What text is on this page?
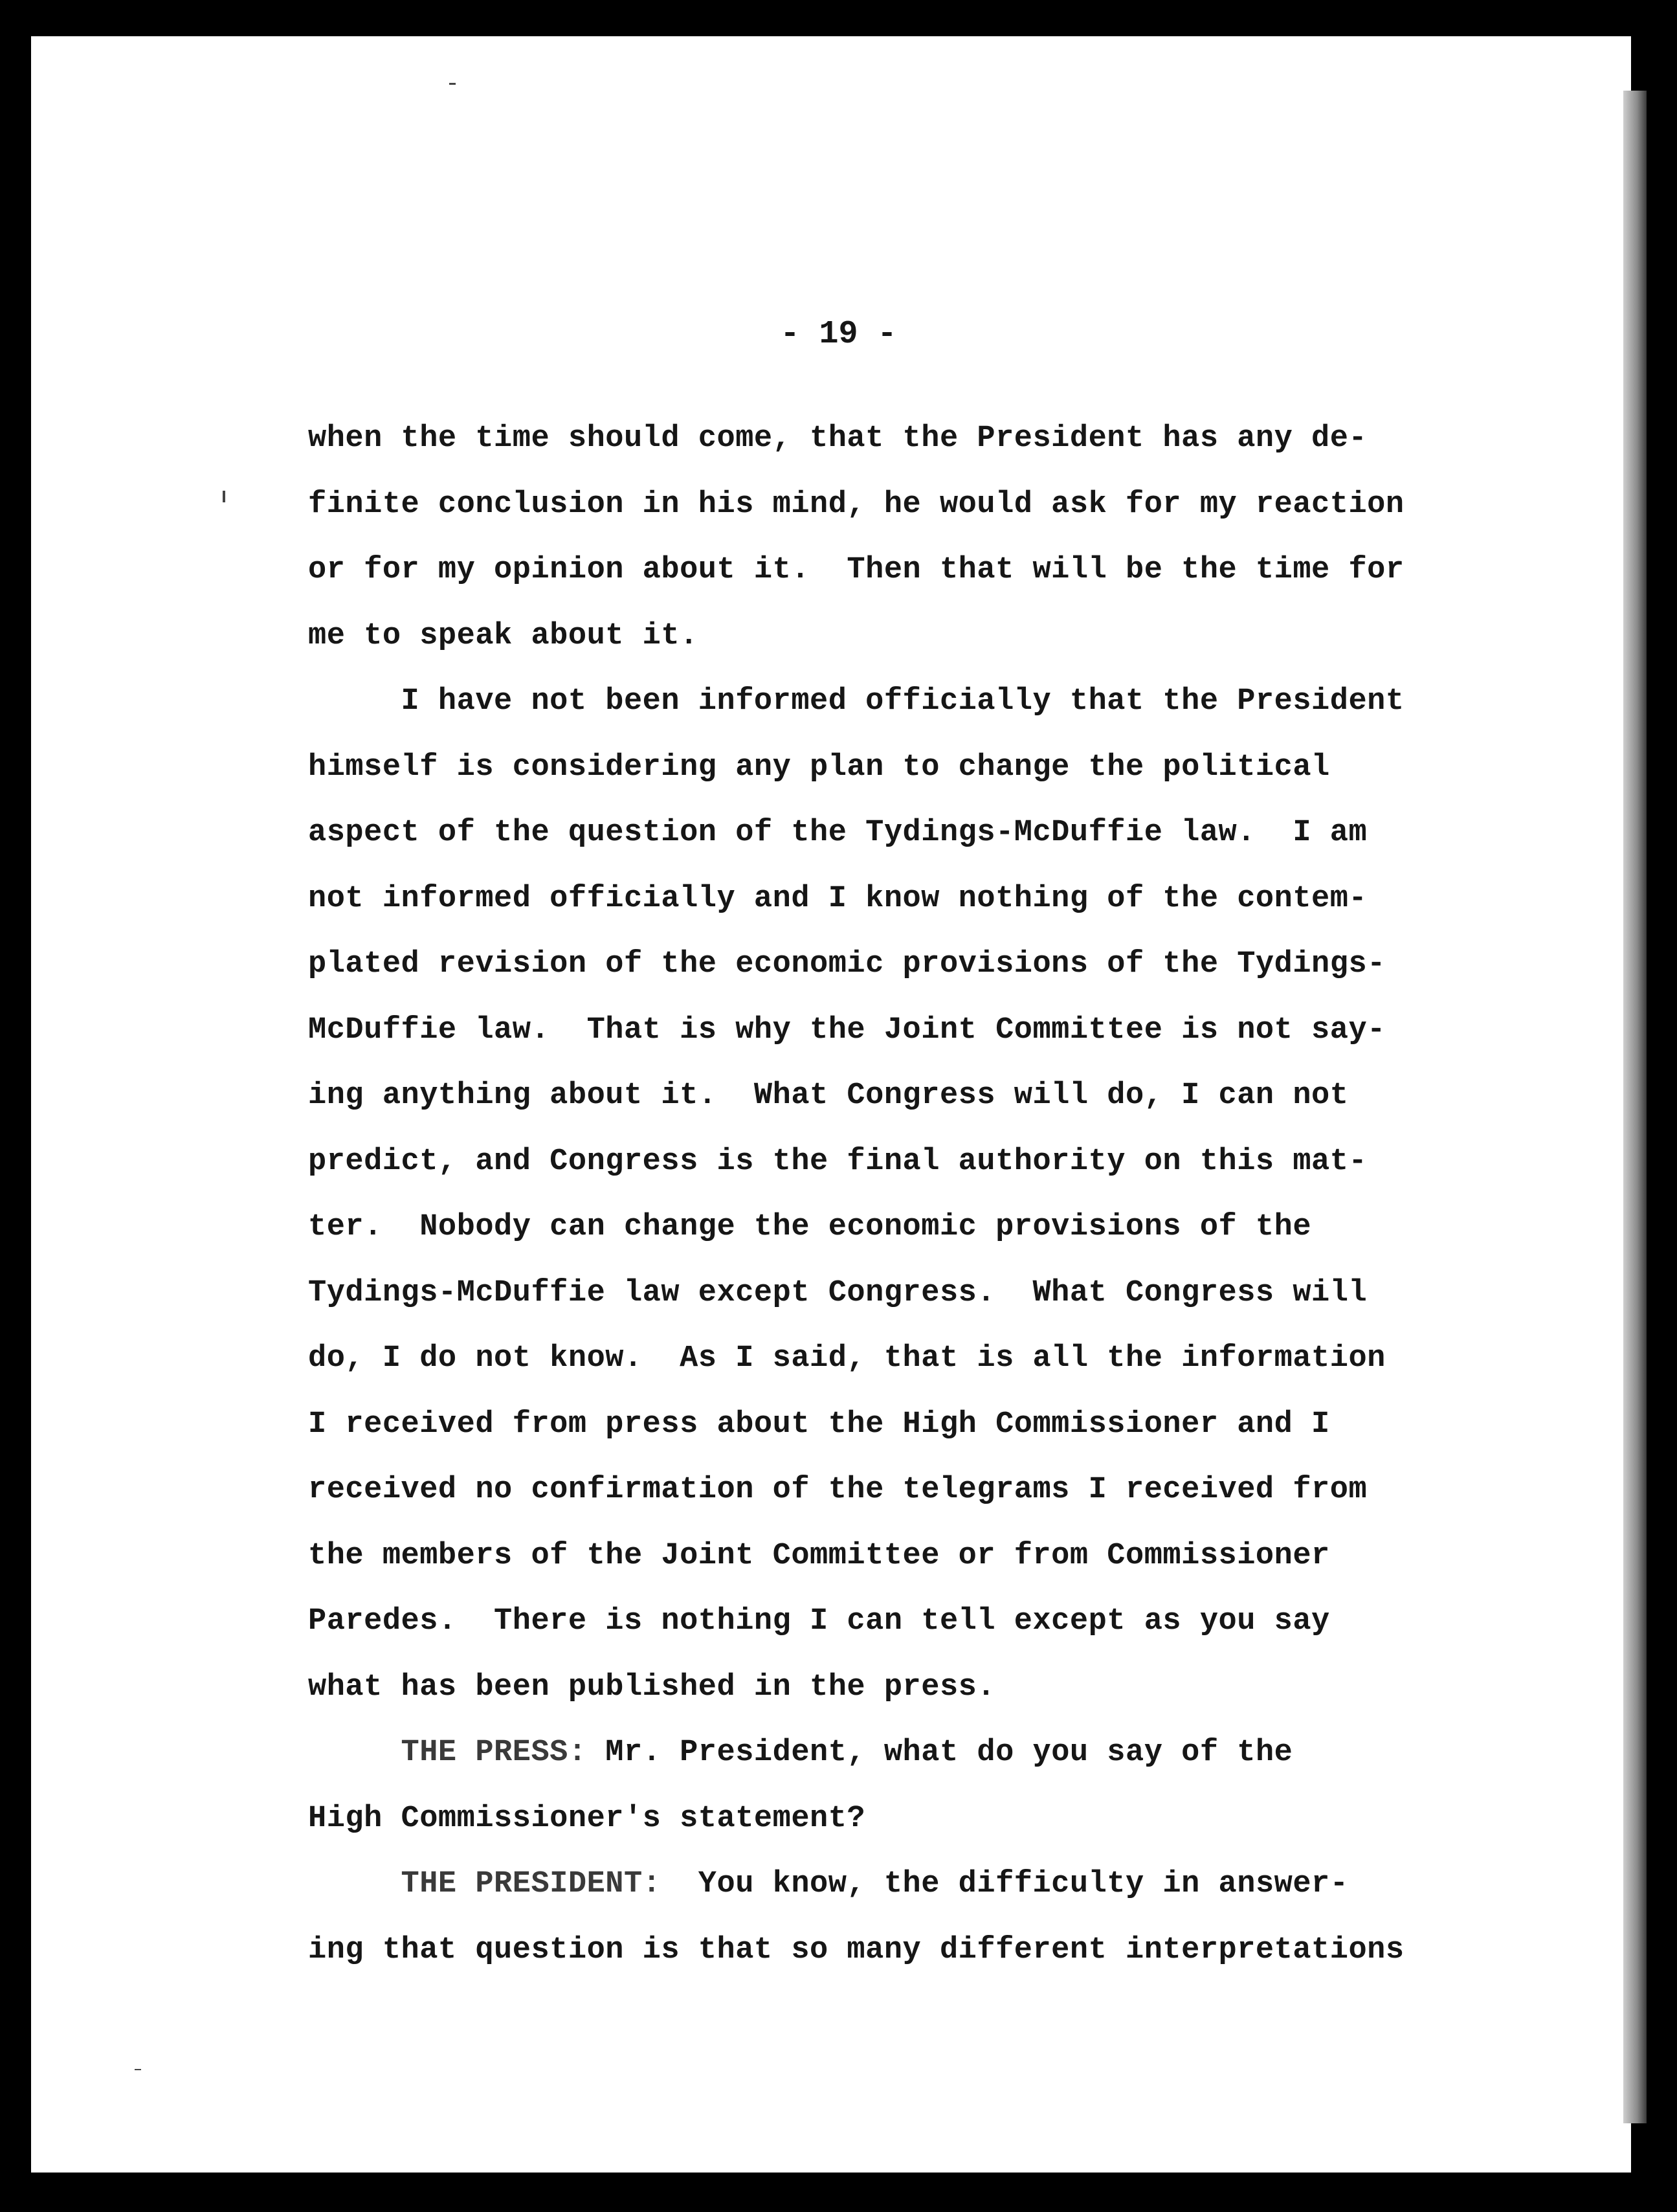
- 19 -
when the time should come, that the President has any de-
finite conclusion in his mind, he would ask for my reaction
or for my opinion about it.  Then that will be the time for
me to speak about it.
I have not been informed officially that the President
himself is considering any plan to change the political
aspect of the question of the Tydings-McDuffie law.  I am
not informed officially and I know nothing of the contem-
plated revision of the economic provisions of the Tydings-
McDuffie law.  That is why the Joint Committee is not say-
ing anything about it.  What Congress will do, I can not
predict, and Congress is the final authority on this mat-
ter.  Nobody can change the economic provisions of the
Tydings-McDuffie law except Congress.  What Congress will
do, I do not know.  As I said, that is all the information
I received from press about the High Commissioner and I
received no confirmation of the telegrams I received from
the members of the Joint Committee or from Commissioner
Paredes.  There is nothing I can tell except as you say
what has been published in the press.
THE PRESS: Mr. President, what do you say of the
High Commissioner's statement?
THE PRESIDENT:  You know, the difficulty in answer-
ing that question is that so many different interpretations
